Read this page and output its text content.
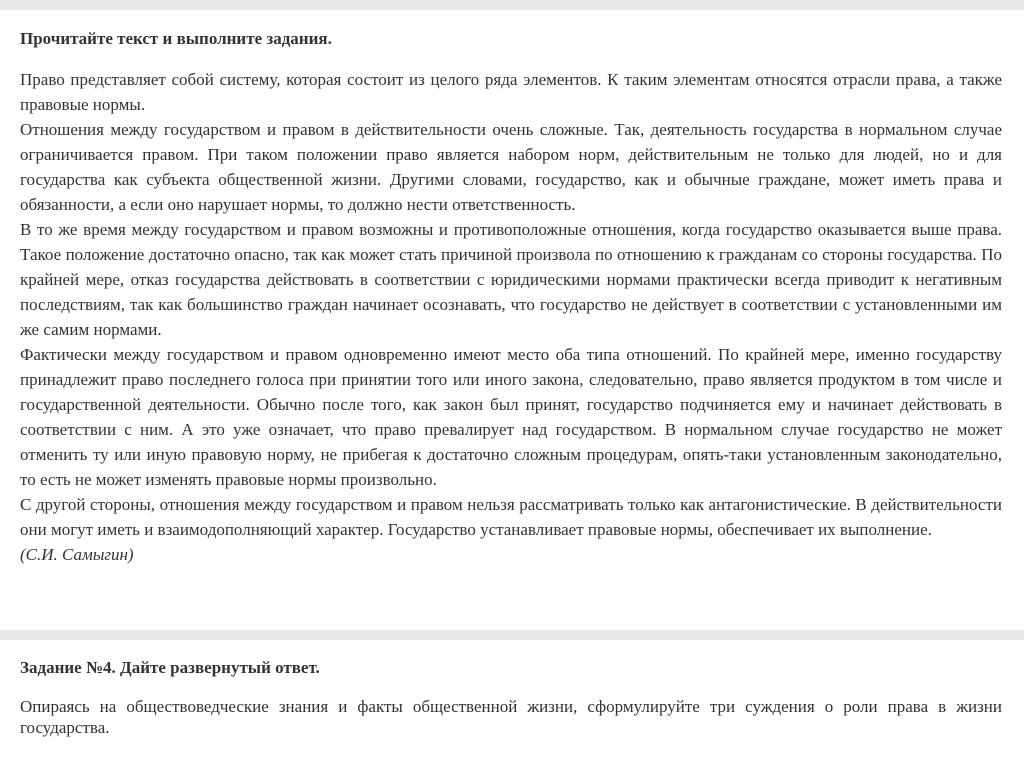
Прочитайте текст и выполните задания.

Право представляет собой систему, которая состоит из целого ряда элементов. К таким элементам относятся отрасли права, а также правовые нормы.

Отношения между государством и правом в действительности очень сложные. Так, деятельность государства в нормальном случае ограничивается правом. При таком положении право является набором норм, действительным не только для людей, но и для государства как субъекта общественной жизни. Другими словами, государство, как и обычные граждане, может иметь права и обязанности, а если оно нарушает нормы, то должно нести ответственность.

В то же время между государством и правом возможны и противоположные отношения, когда государство оказывается выше права. Такое положение достаточно опасно, так как может стать причиной произвола по отношению к гражданам со стороны государства. По крайней мере, отказ государства действовать в соответствии с юридическими нормами практически всегда приводит к негативным последствиям, так как большинство граждан начинает осознавать, что государство не действует в соответствии с установленными им же самим нормами.

Фактически между государством и правом одновременно имеют место оба типа отношений. По крайней мере, именно государству принадлежит право последнего голоса при принятии того или иного закона, следовательно, право является продуктом в том числе и государственной деятельности. Обычно после того, как закон был принят, государство подчиняется ему и начинает действовать в соответствии с ним. А это уже означает, что право превалирует над государством. В нормальном случае государство не может отменить ту или иную правовую норму, не прибегая к достаточно сложным процедурам, опять-таки установленным законодательно, то есть не может изменять правовые нормы произвольно.

С другой стороны, отношения между государством и правом нельзя рассматривать только как антагонистические. В действительности они могут иметь и взаимодополняющий характер. Государство устанавливает правовые нормы, обеспечивает их выполнение.

(С.И. Самыгин)

Задание №4. Дайте развернутый ответ.

Опираясь на обществоведческие знания и факты общественной жизни, сформулируйте три суждения о роли права в жизни государства.
